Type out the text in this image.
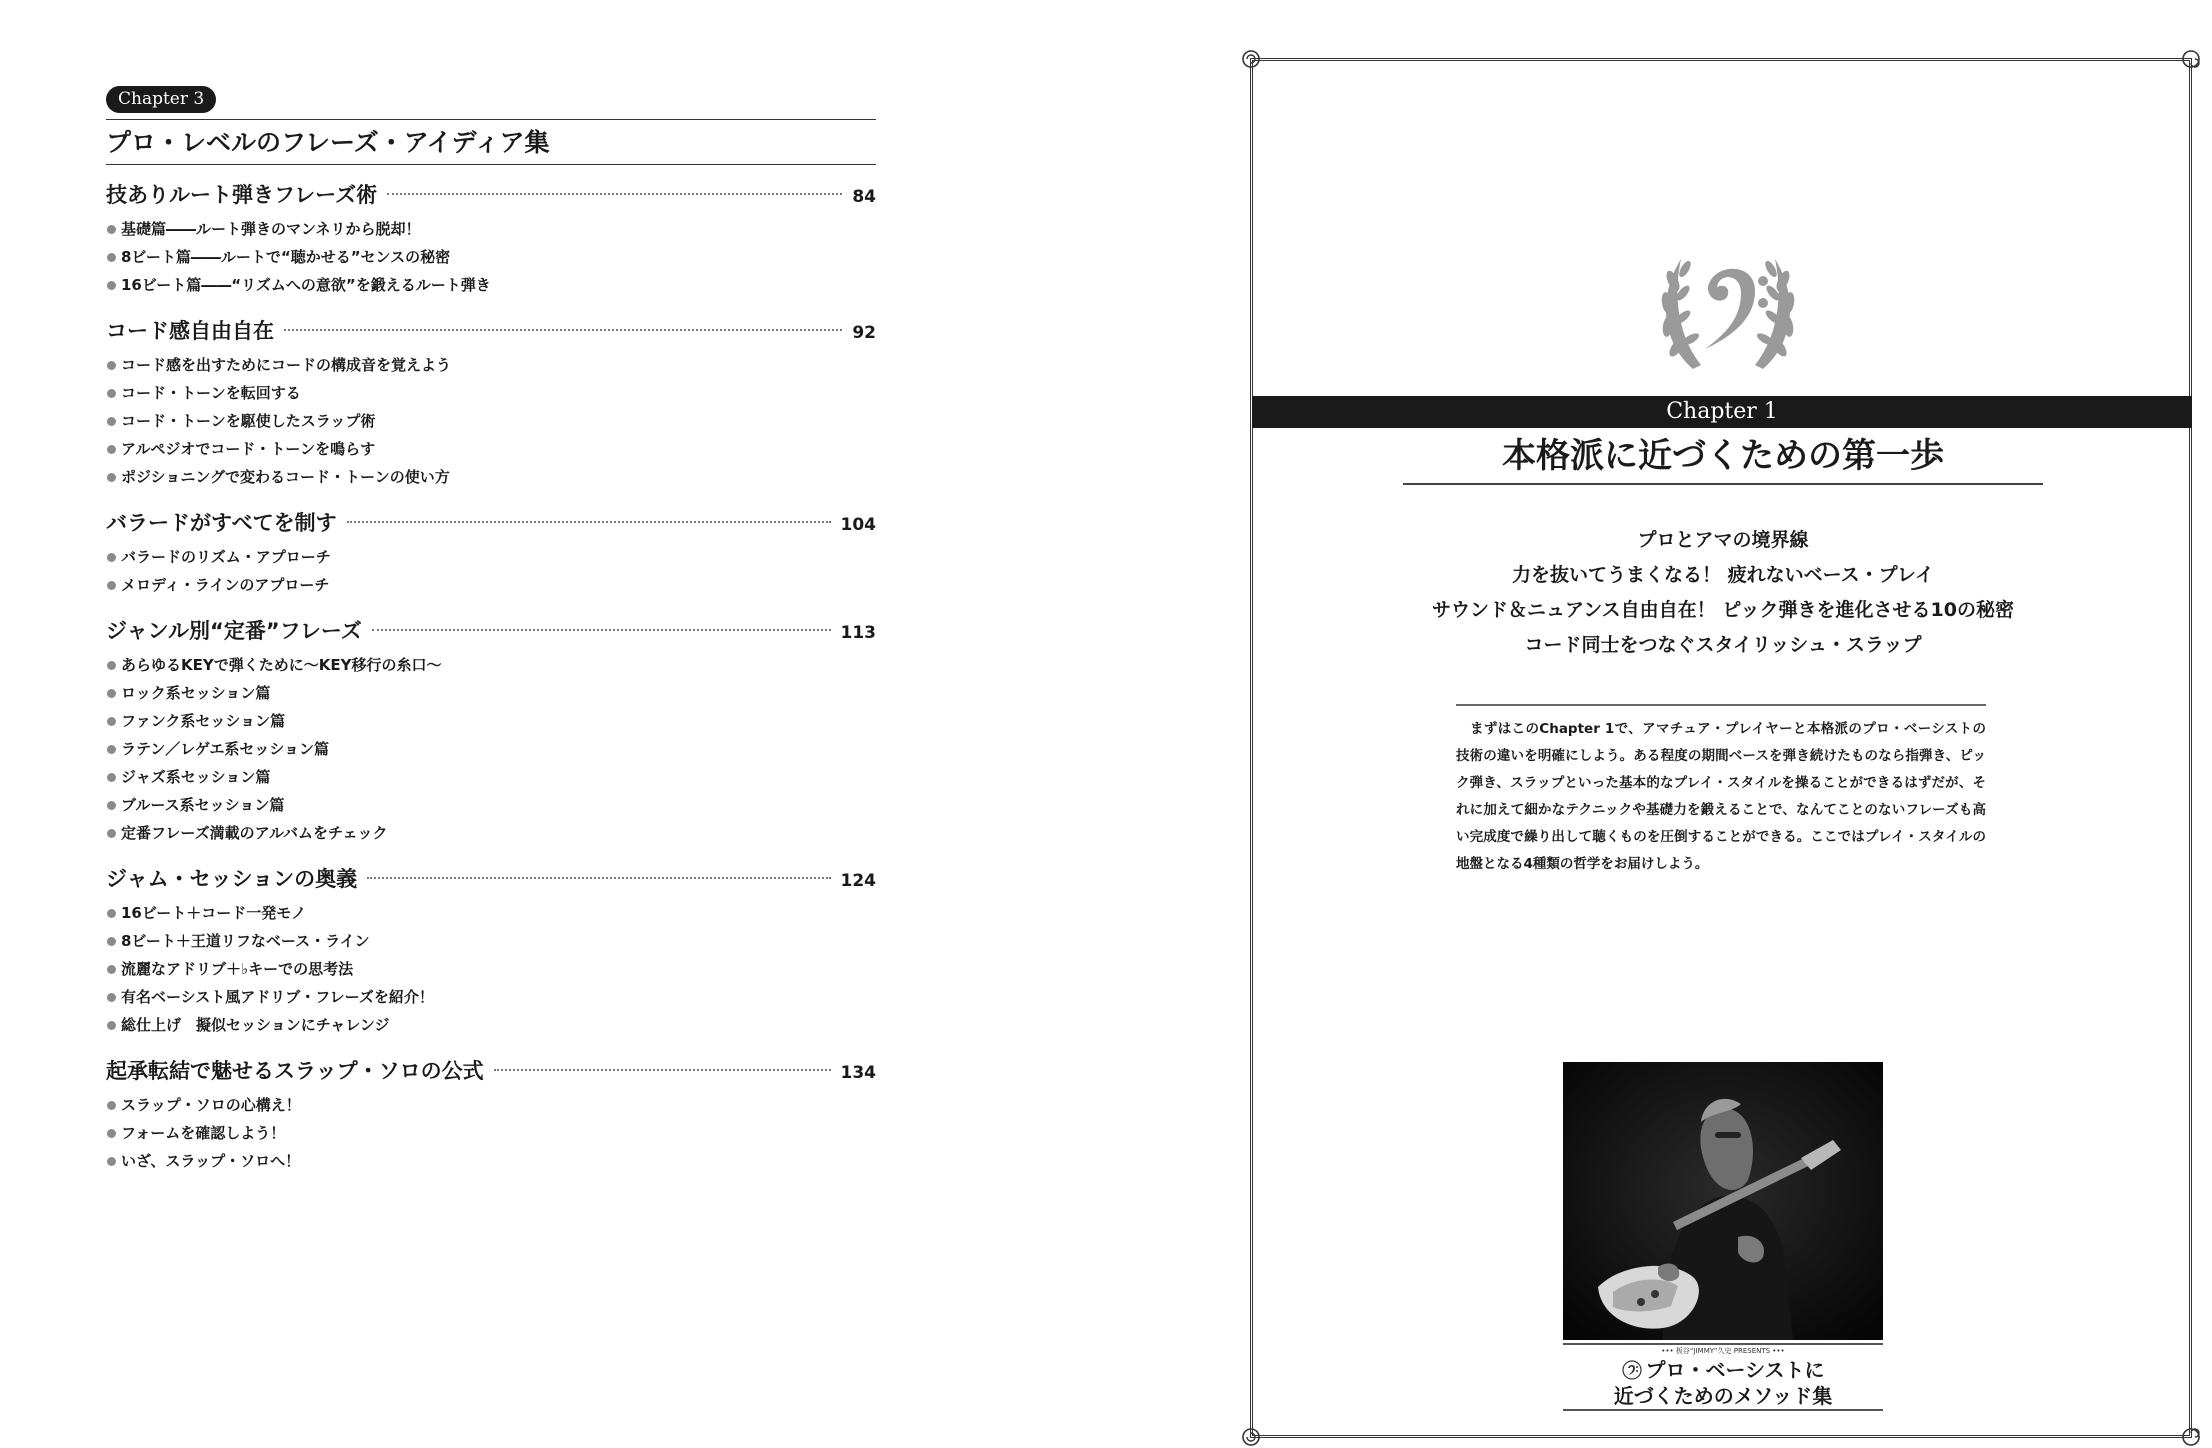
Chapter 3
プロ・レベルのフレーズ・アイディア集
技ありルート弾きフレーズ術	84
基礎篇――ルート弾きのマンネリから脱却！
8ビート篇――ルートで“聴かせる”センスの秘密
16ビート篇――“リズムへの意欲”を鍛えるルート弾き
コード感自由自在	92
コード感を出すためにコードの構成音を覚えよう
コード・トーンを転回する
コード・トーンを駆使したスラップ術
アルペジオでコード・トーンを鳴らす
ポジショニングで変わるコード・トーンの使い方
バラードがすべてを制す	104
バラードのリズム・アプローチ
メロディ・ラインのアプローチ
ジャンル別“定番”フレーズ	113
あらゆるKEYで弾くために～KEY移行の糸口～
ロック系セッション篇
ファンク系セッション篇
ラテン／レゲエ系セッション篇
ジャズ系セッション篇
ブルース系セッション篇
定番フレーズ満載のアルバムをチェック
ジャム・セッションの奥義	124
16ビート＋コード一発モノ
8ビート＋王道リフなベース・ライン
流麗なアドリブ＋♭キーでの思考法
有名ベーシスト風アドリブ・フレーズを紹介！
総仕上げ　擬似セッションにチャレンジ
起承転結で魅せるスラップ・ソロの公式	134
スラップ・ソロの心構え！
フォームを確認しよう！
いざ、スラップ・ソロへ！
Chapter 1
本格派に近づくための第一歩
プロとアマの境界線
力を抜いてうまくなる！ 疲れないベース・プレイ
サウンド＆ニュアンス自由自在！ ピック弾きを進化させる10の秘密
コード同士をつなぐスタイリッシュ・スラップ

まずはこのChapter 1で、アマチュア・プレイヤーと本格派のプロ・ベーシストの技術の違いを明確にしよう。ある程度の期間ベースを弾き続けたものなら指弾き、ピック弾き、スラップといった基本的なプレイ・スタイルを操ることができるはずだが、それに加えて細かなテクニックや基礎力を鍛えることで、なんてことのないフレーズも高い完成度で繰り出して聴くものを圧倒することができる。ここではプレイ・スタイルの地盤となる4種類の哲学をお届けしよう。

••• 板谷“JIMMY”久史 PRESENTS •••
プロ・ベーシストに
近づくためのメソッド集
